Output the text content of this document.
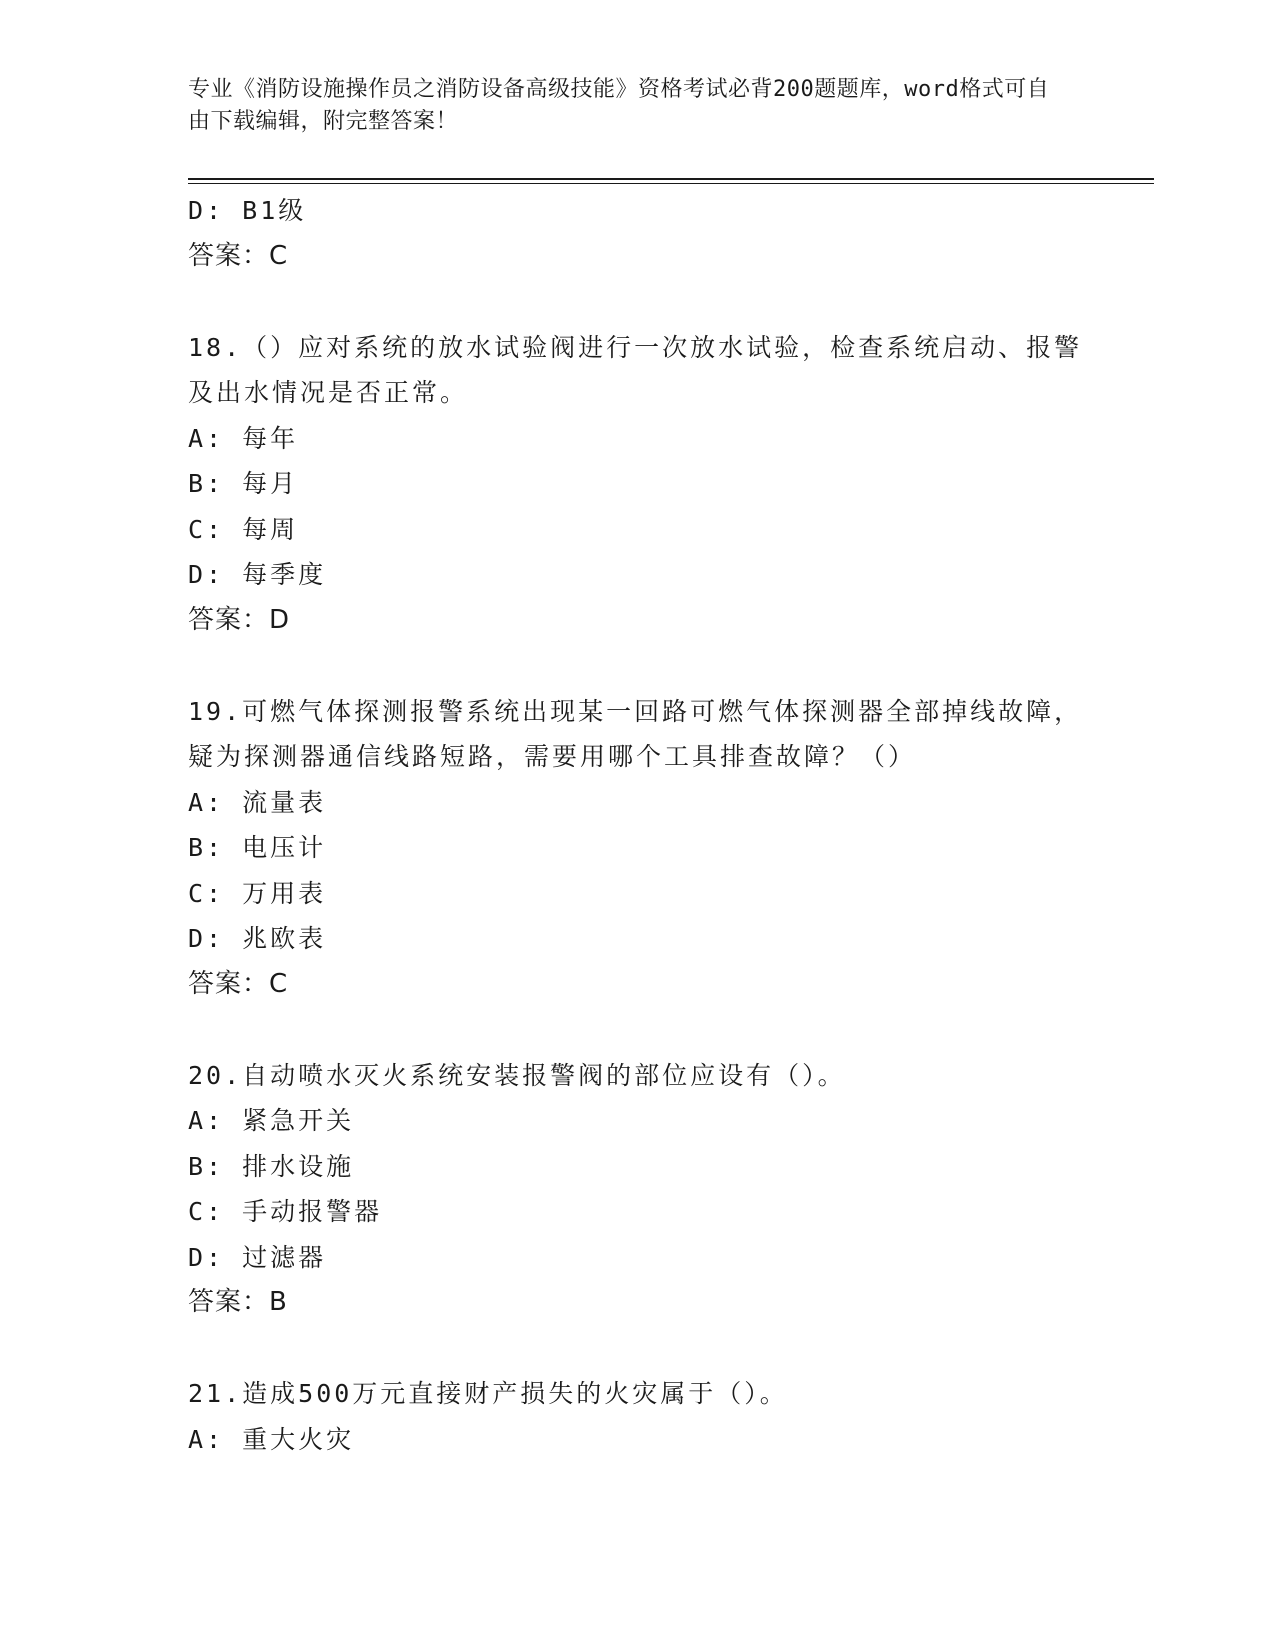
专业《消防设施操作员之消防设备高级技能》资格考试必背200题题库，word格式可自由下载编辑，附完整答案！
D: B1级
答案：C
18.（）应对系统的放水试验阀进行一次放水试验，检查系统启动、报警及出水情况是否正常。
A: 每年
B: 每月
C: 每周
D: 每季度
答案：D
19.可燃气体探测报警系统出现某一回路可燃气体探测器全部掉线故障，疑为探测器通信线路短路，需要用哪个工具排查故障？（）
A: 流量表
B: 电压计
C: 万用表
D: 兆欧表
答案：C
20.自动喷水灭火系统安装报警阀的部位应设有（）。
A: 紧急开关
B: 排水设施
C: 手动报警器
D: 过滤器
答案：B
21.造成500万元直接财产损失的火灾属于（）。
A: 重大火灾
